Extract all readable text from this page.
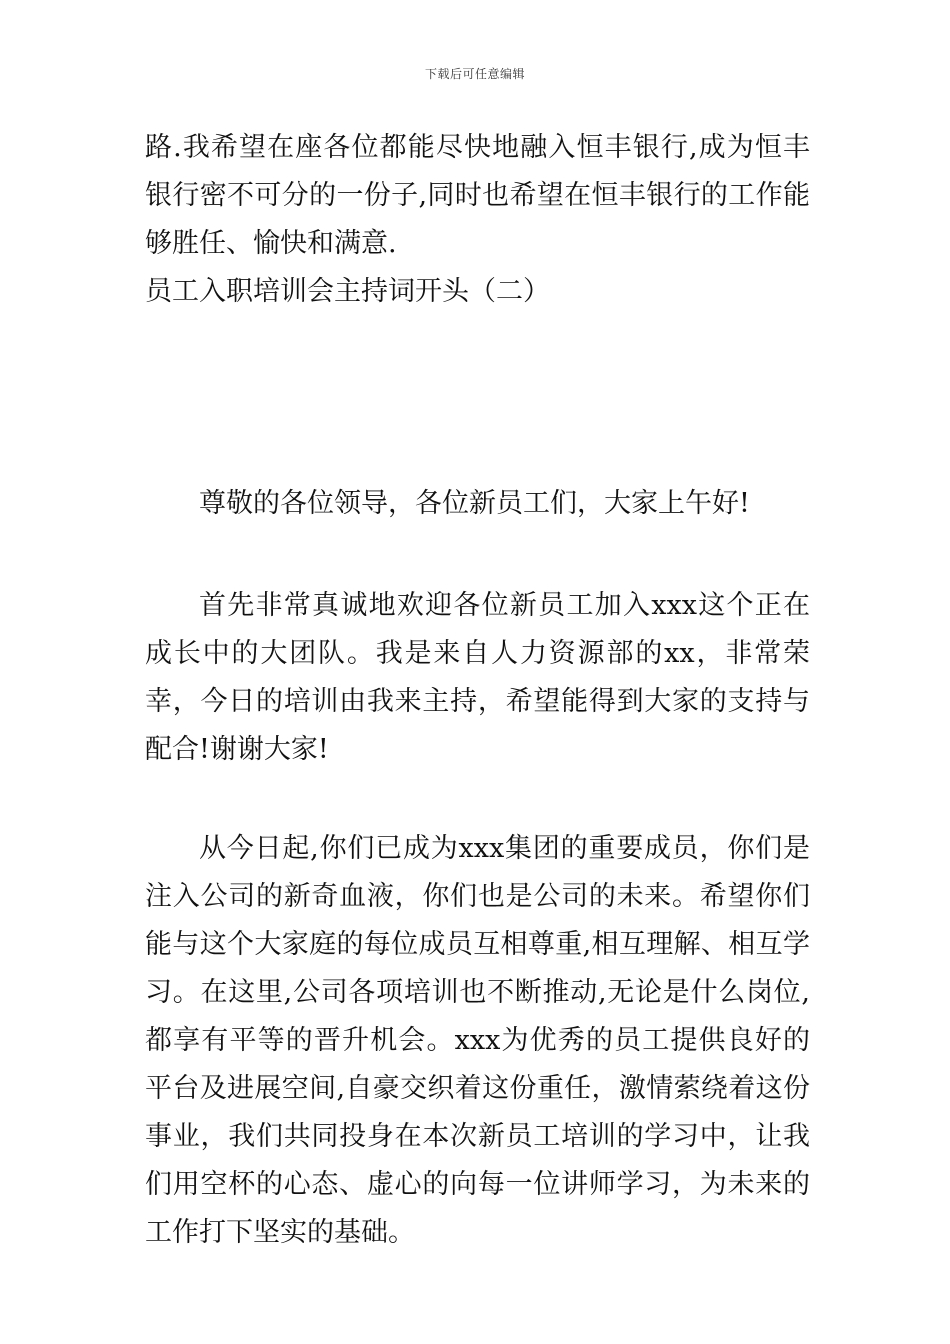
下载后可任意编辑

路.我希望在座各位都能尽快地融入恒丰银行,成为恒丰银行密不可分的一份子,同时也希望在恒丰银行的工作能够胜任、愉快和满意.

员工入职培训会主持词开头（二）

尊敬的各位领导，各位新员工们，大家上午好!

首先非常真诚地欢迎各位新员工加入xxx这个正在成长中的大团队。我是来自人力资源部的xx，非常荣幸，今日的培训由我来主持，希望能得到大家的支持与配合!谢谢大家!

从今日起,你们已成为xxx集团的重要成员，你们是注入公司的新奇血液，你们也是公司的未来。希望你们能与这个大家庭的每位成员互相尊重,相互理解、相互学习。在这里,公司各项培训也不断推动,无论是什么岗位,都享有平等的晋升机会。xxx为优秀的员工提供良好的平台及进展空间,自豪交织着这份重任，激情萦绕着这份事业，我们共同投身在本次新员工培训的学习中，让我们用空杯的心态、虚心的向每一位讲师学习，为未来的工作打下坚实的基础。
